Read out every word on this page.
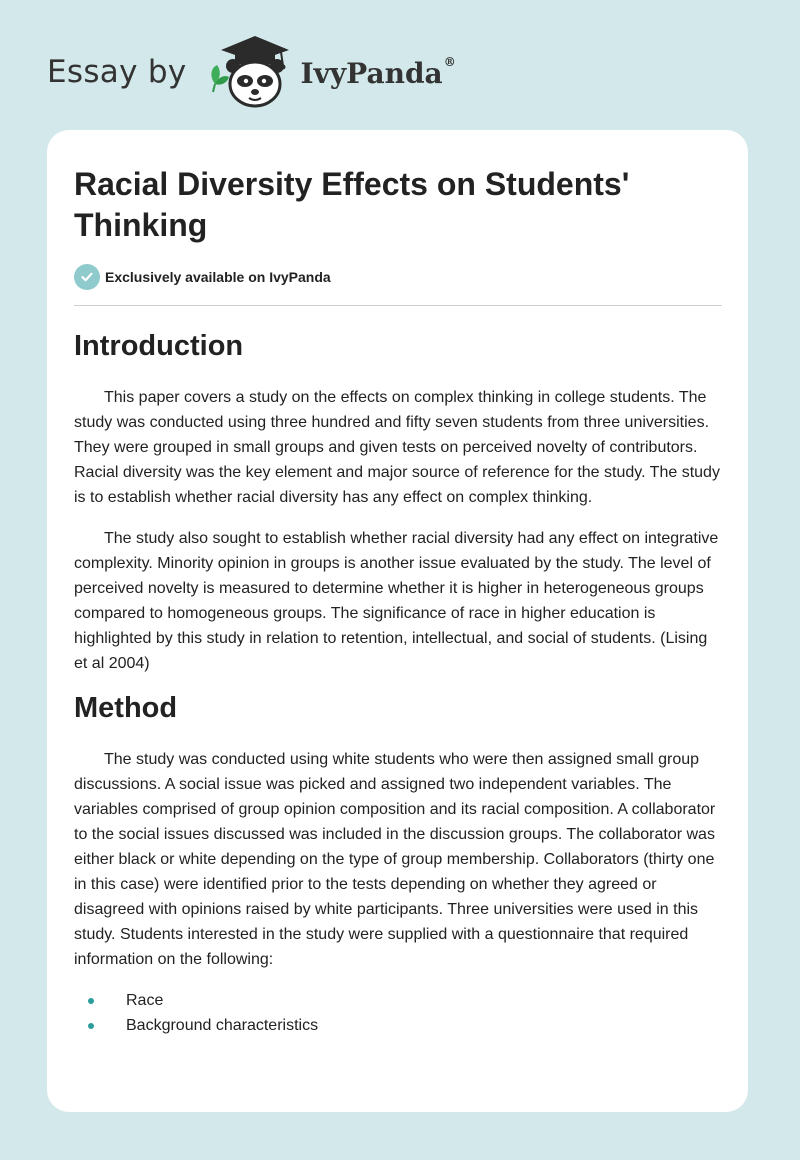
Essay by	IvyPanda®
Racial Diversity Effects on Students' Thinking
Exclusively available on IvyPanda
Introduction

This paper covers a study on the effects on complex thinking in college students. The study was conducted using three hundred and fifty seven students from three universities. They were grouped in small groups and given tests on perceived novelty of contributors. Racial diversity was the key element and major source of reference for the study. The study is to establish whether racial diversity has any effect on complex thinking.

The study also sought to establish whether racial diversity had any effect on integrative complexity. Minority opinion in groups is another issue evaluated by the study. The level of perceived novelty is measured to determine whether it is higher in heterogeneous groups compared to homogeneous groups. The significance of race in higher education is highlighted by this study in relation to retention, intellectual, and social of students. (Lising et al 2004)

Method

The study was conducted using white students who were then assigned small group discussions. A social issue was picked and assigned two independent variables. The variables comprised of group opinion composition and its racial composition. A collaborator to the social issues discussed was included in the discussion groups. The collaborator was either black or white depending on the type of group membership. Collaborators (thirty one in this case) were identified prior to the tests depending on whether they agreed or disagreed with opinions raised by white participants. Three universities were used in this study. Students interested in the study were supplied with a questionnaire that required information on the following:

Race
Background characteristics
